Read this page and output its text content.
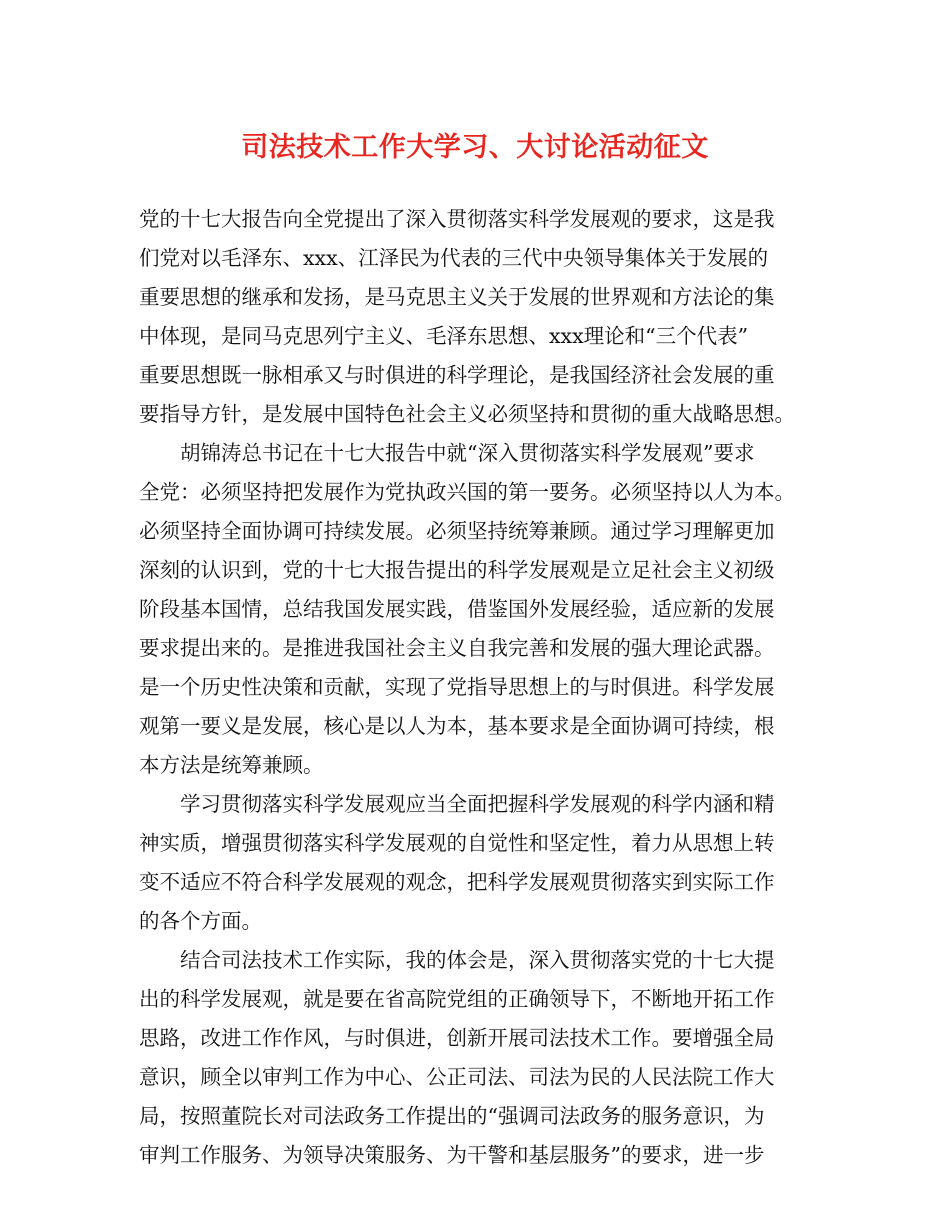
司法技术工作大学习、大讨论活动征文
党的十七大报告向全党提出了深入贯彻落实科学发展观的要求，这是我
们党对以毛泽东、xxx、江泽民为代表的三代中央领导集体关于发展的
重要思想的继承和发扬，是马克思主义关于发展的世界观和方法论的集
中体现，是同马克思列宁主义、毛泽东思想、xxx理论和“三个代表”
重要思想既一脉相承又与时俱进的科学理论，是我国经济社会发展的重
要指导方针，是发展中国特色社会主义必须坚持和贯彻的重大战略思想。
胡锦涛总书记在十七大报告中就“深入贯彻落实科学发展观”要求
全党：必须坚持把发展作为党执政兴国的第一要务。必须坚持以人为本。
必须坚持全面协调可持续发展。必须坚持统筹兼顾。通过学习理解更加
深刻的认识到，党的十七大报告提出的科学发展观是立足社会主义初级
阶段基本国情，总结我国发展实践，借鉴国外发展经验，适应新的发展
要求提出来的。是推进我国社会主义自我完善和发展的强大理论武器。
是一个历史性决策和贡献，实现了党指导思想上的与时俱进。科学发展
观第一要义是发展，核心是以人为本，基本要求是全面协调可持续，根
本方法是统筹兼顾。
学习贯彻落实科学发展观应当全面把握科学发展观的科学内涵和精
神实质，增强贯彻落实科学发展观的自觉性和坚定性，着力从思想上转
变不适应不符合科学发展观的观念，把科学发展观贯彻落实到实际工作
的各个方面。
结合司法技术工作实际，我的体会是，深入贯彻落实党的十七大提
出的科学发展观，就是要在省高院党组的正确领导下，不断地开拓工作
思路，改进工作作风，与时俱进，创新开展司法技术工作。要增强全局
意识，顾全以审判工作为中心、公正司法、司法为民的人民法院工作大
局，按照董院长对司法政务工作提出的“强调司法政务的服务意识，为
审判工作服务、为领导决策服务、为干警和基层服务”的要求，进一步
